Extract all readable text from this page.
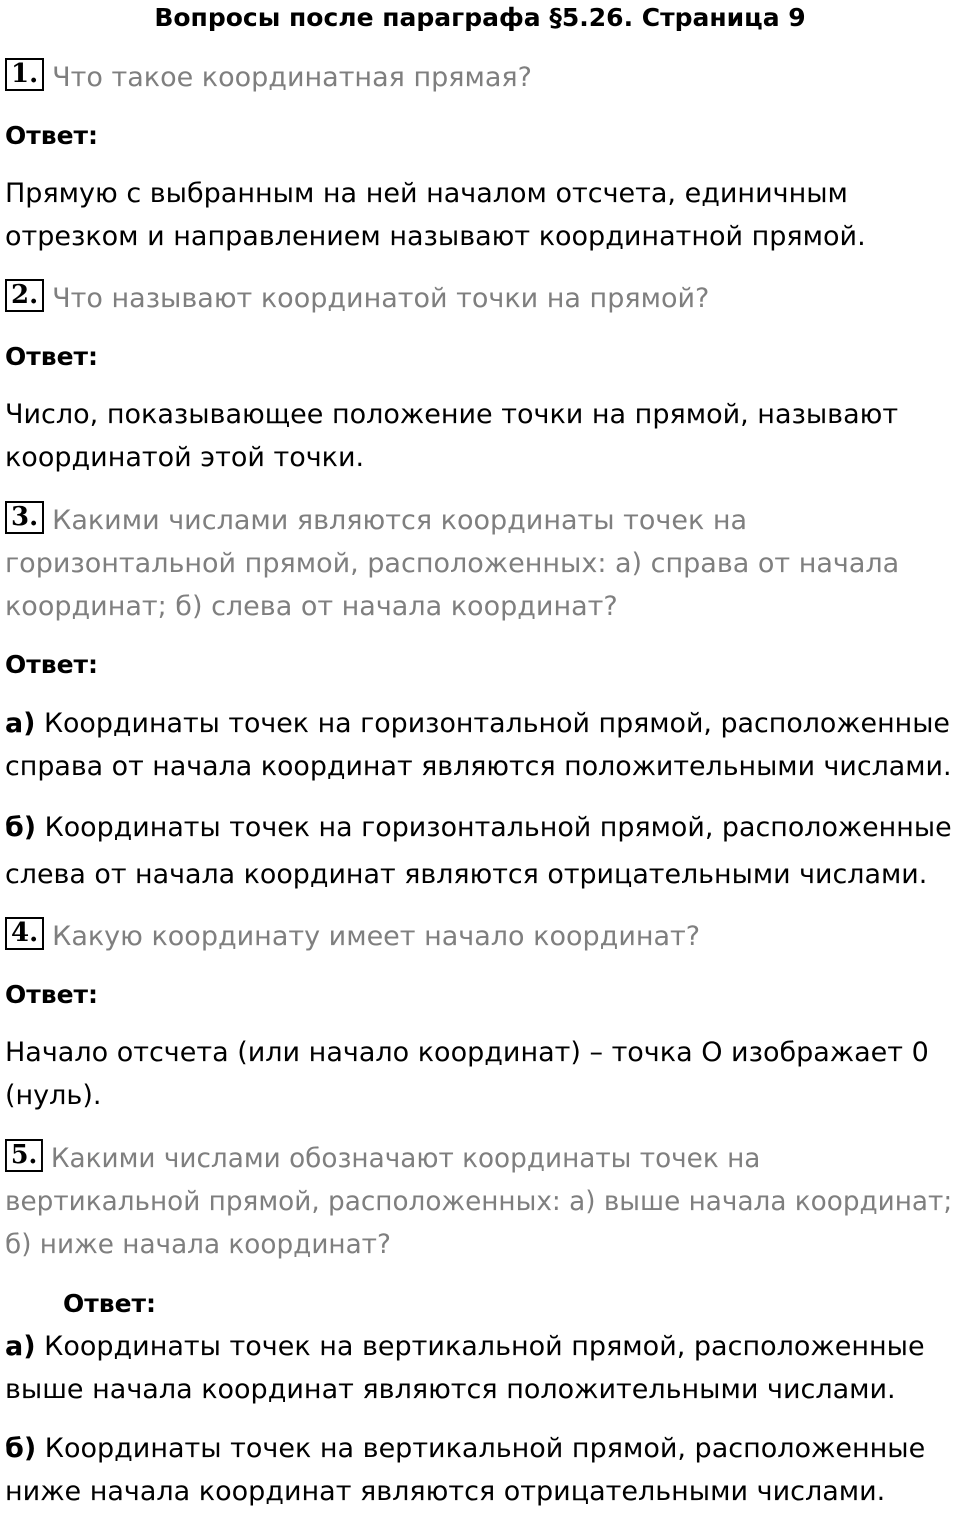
Вопросы после параграфа §5.26. Страница 9
1. Что такое координатная прямая?
Ответ:
Прямую с выбранным на ней началом отсчета, единичным
отрезком и направлением называют координатной прямой.
2. Что называют координатой точки на прямой?
Ответ:
Число, показывающее положение точки на прямой, называют
координатой этой точки.
3. Какими числами являются координаты точек на
горизонтальной прямой, расположенных: а) справа от начала
координат; б) слева от начала координат?
Ответ:
а) Координаты точек на горизонтальной прямой, расположенные
справа от начала координат являются положительными числами.
б) Координаты точек на горизонтальной прямой, расположенные
слева от начала координат являются отрицательными числами.
4. Какую координату имеет начало координат?
Ответ:
Начало отсчета (или начало координат) – точка О изображает 0
(нуль).
5. Какими числами обозначают координаты точек на
вертикальной прямой, расположенных: а) выше начала координат;
б) ниже начала координат?
Ответ:
а) Координаты точек на вертикальной прямой, расположенные
выше начала координат являются положительными числами.
б) Координаты точек на вертикальной прямой, расположенные
ниже начала координат являются отрицательными числами.
